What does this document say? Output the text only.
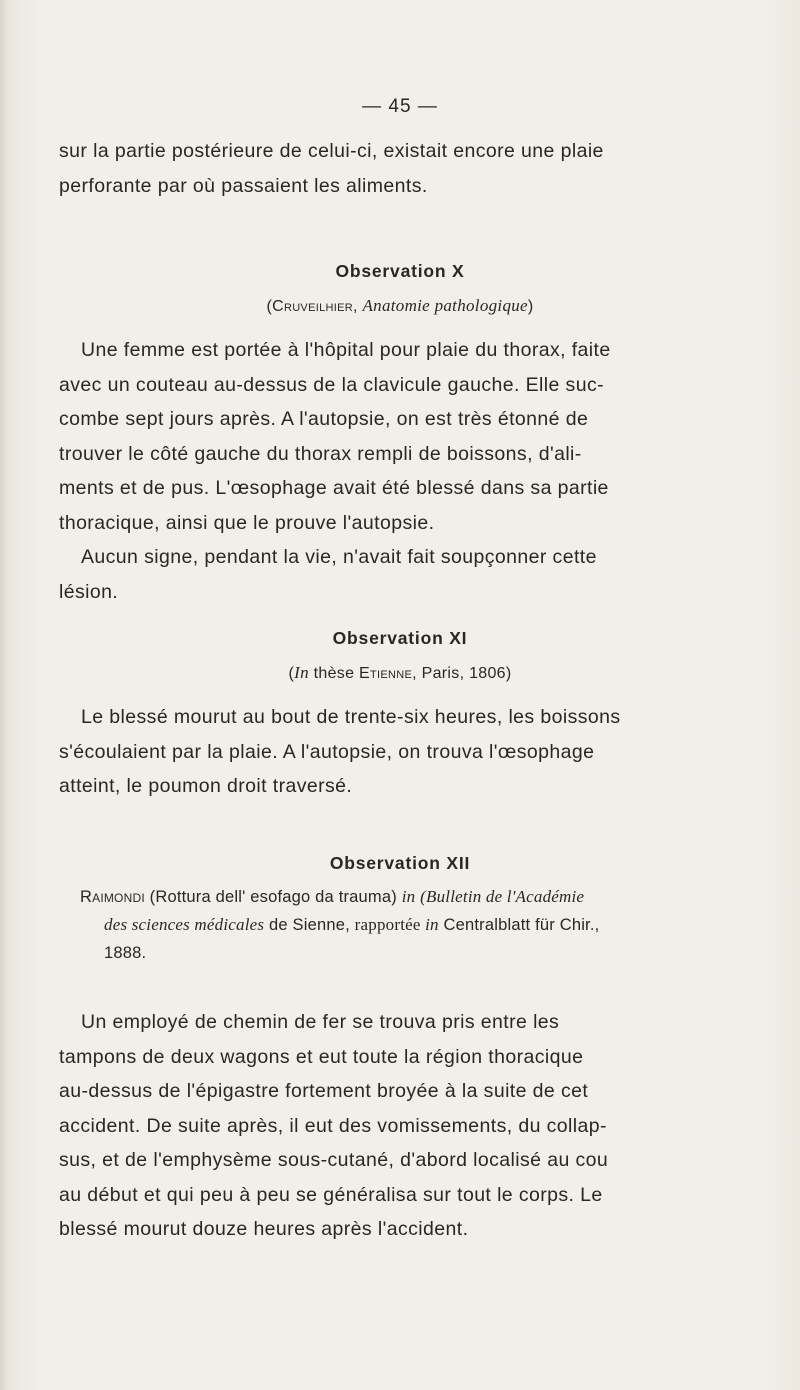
— 45 —

sur la partie postérieure de celui-ci, existait encore une plaie
perforante par où passaient les aliments.

Observation X
(Cruveilhier, Anatomie pathologique)

Une femme est portée à l'hôpital pour plaie du thorax, faite
avec un couteau au-dessus de la clavicule gauche. Elle suc-
combe sept jours après. A l'autopsie, on est très étonné de
trouver le côté gauche du thorax rempli de boissons, d'ali-
ments et de pus. L'œsophage avait été blessé dans sa partie
thoracique, ainsi que le prouve l'autopsie.
Aucun signe, pendant la vie, n'avait fait soupçonner cette
lésion.

Observation XI
(In thèse Etienne, Paris, 1806)

Le blessé mourut au bout de trente-six heures, les boissons
s'écoulaient par la plaie. A l'autopsie, on trouva l'œsophage
atteint, le poumon droit traversé.

Observation XII
Raimondi (Rottura dell' esofago da trauma) in (Bulletin de l'Académie
des sciences médicales de Sienne, rapportée in Centralblatt für Chir.,
1888.

Un employé de chemin de fer se trouva pris entre les
tampons de deux wagons et eut toute la région thoracique
au-dessus de l'épigastre fortement broyée à la suite de cet
accident. De suite après, il eut des vomissements, du collap-
sus, et de l'emphysème sous-cutané, d'abord localisé au cou
au début et qui peu à peu se généralisa sur tout le corps. Le
blessé mourut douze heures après l'accident.
